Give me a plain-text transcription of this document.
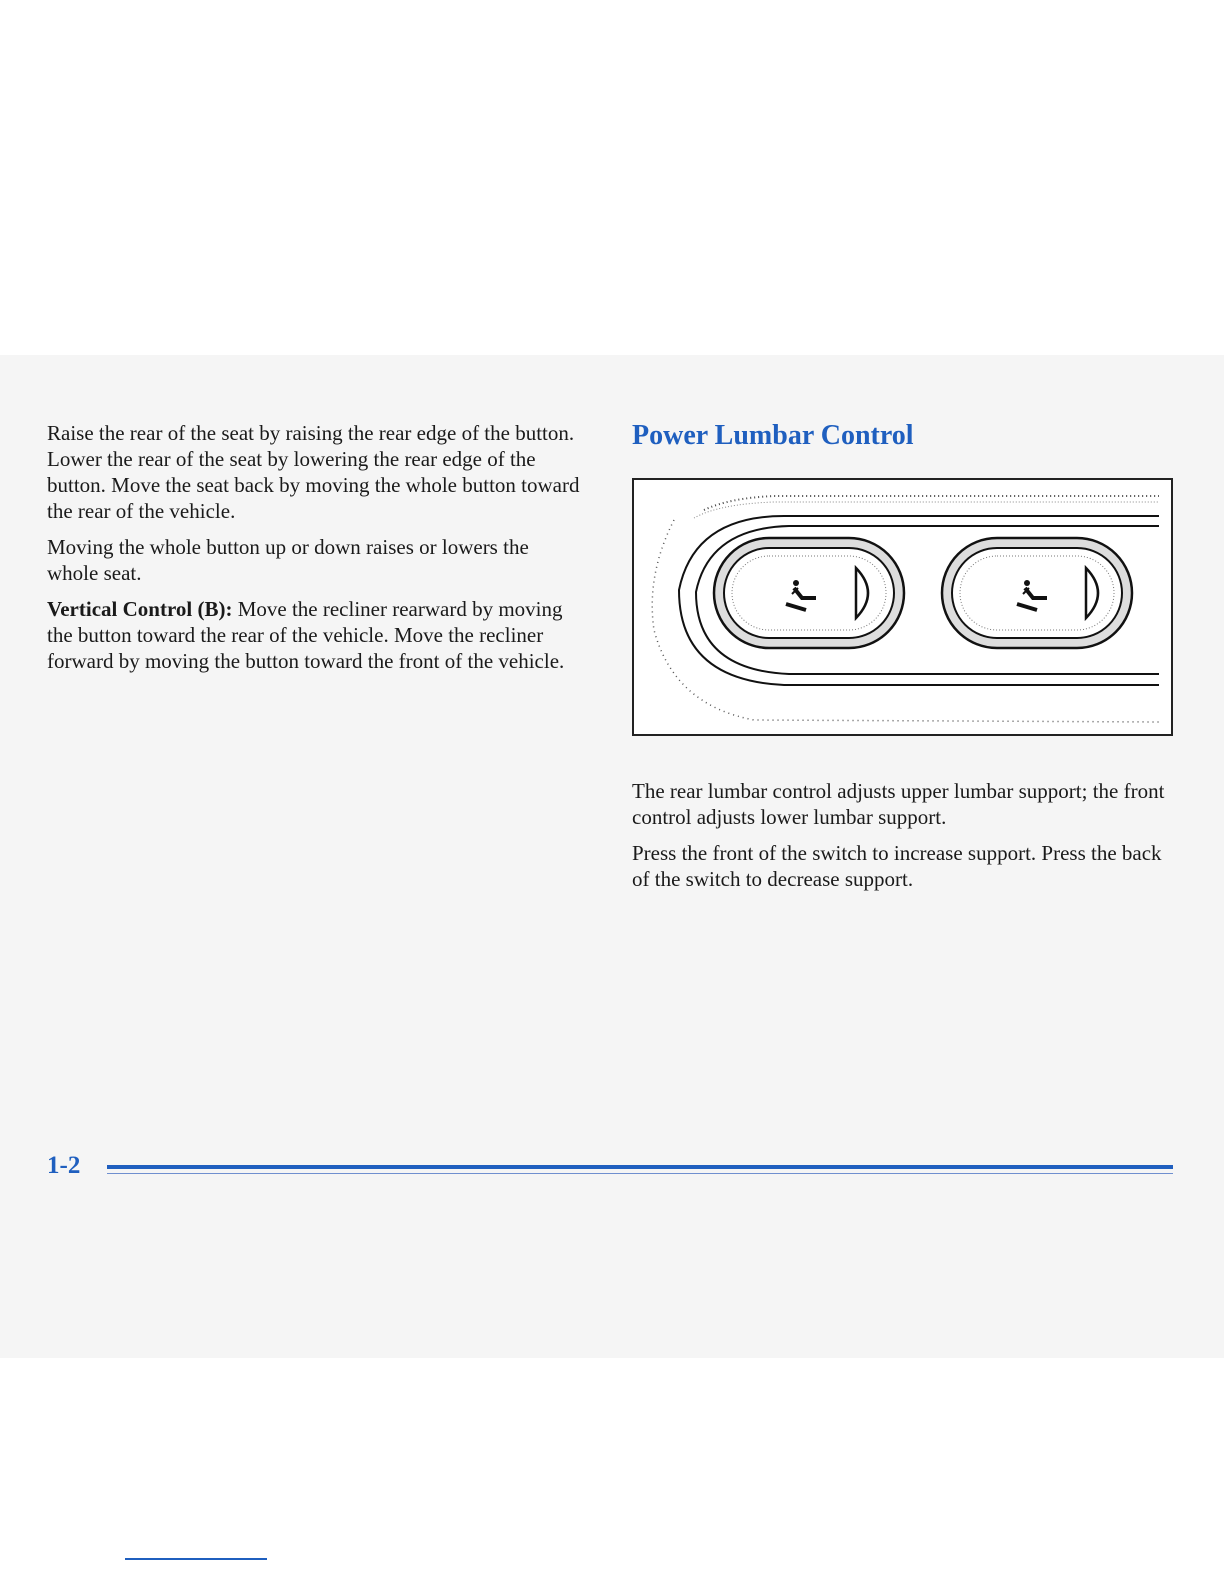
Raise the rear of the seat by raising the rear edge of the button. Lower the rear of the seat by lowering the rear edge of the button. Move the seat back by moving the whole button toward the rear of the vehicle.

Moving the whole button up or down raises or lowers the whole seat.

Vertical Control (B): Move the recliner rearward by moving the button toward the rear of the vehicle. Move the recliner forward by moving the button toward the front of the vehicle.

Power Lumbar Control

The rear lumbar control adjusts upper lumbar support; the front control adjusts lower lumbar support.

Press the front of the switch to increase support. Press the back of the switch to decrease support.

1-2
